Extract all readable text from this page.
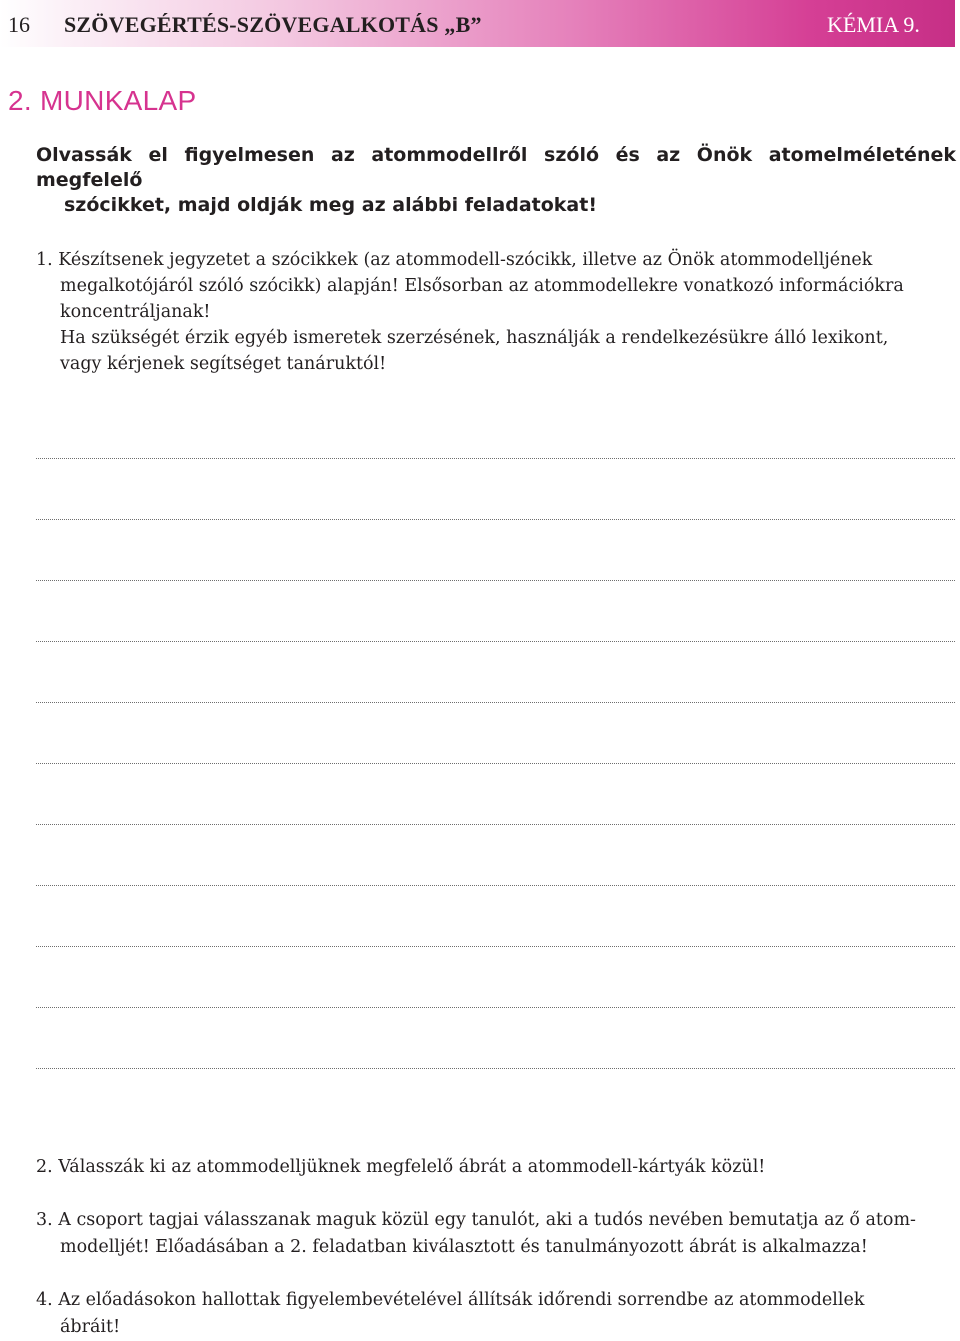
16 SZÖVEGÉRTÉS-SZÖVEGALKOTÁS „B”	KÉMIA 9.
2. MUNKALAP
Olvassák el figyelmesen az atommodellről szóló és az Önök atomelméletének megfelelő
szócikket, majd oldják meg az alábbi feladatokat!
1. Készítsenek jegyzetet a szócikkek (az atommodell-szócikk, illetve az Önök atommodelljének
megalkotójáról szóló szócikk) alapján! Elsősorban az atommodellekre vonatkozó információkra
koncentráljanak!
Ha szükségét érzik egyéb ismeretek szerzésének, használják a rendelkezésükre álló lexikont,
vagy kérjenek segítséget tanáruktól!
2. Válasszák ki az atommodelljüknek megfelelő ábrát a atommodell-kártyák közül!
3. A csoport tagjai válasszanak maguk közül egy tanulót, aki a tudós nevében bemutatja az ő atom-
modelljét! Előadásában a 2. feladatban kiválasztott és tanulmányozott ábrát is alkalmazza!
4. Az előadásokon hallottak figyelembevételével állítsák időrendi sorrendbe az atommodellek
ábráit!
